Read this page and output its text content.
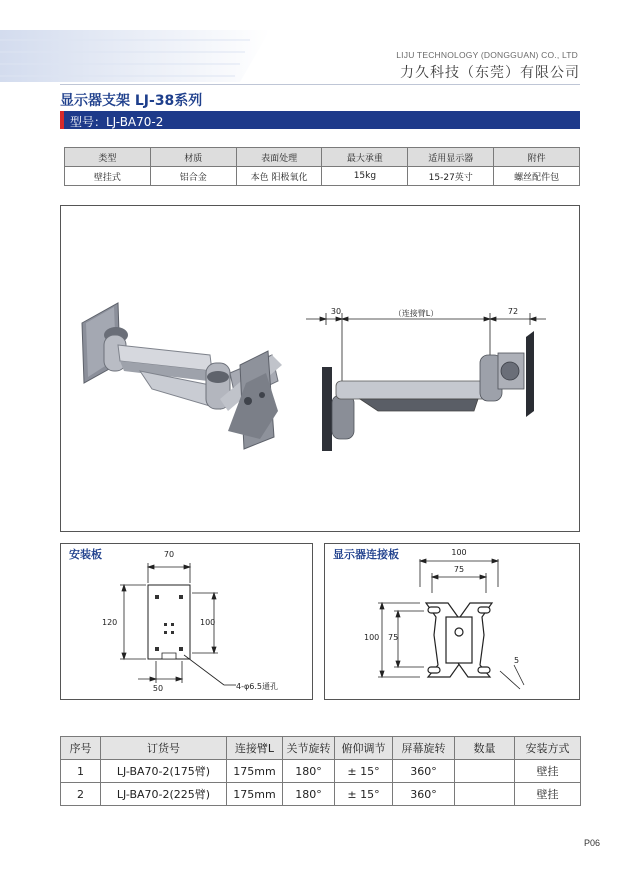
LIJU TECHNOLOGY (DONGGUAN) CO., LTD
力久科技（东莞）有限公司
显示器支架 LJ-38系列
型号：LJ-BA70-2
类型	材质	表面处理	最大承重	适用显示器	附件
壁挂式	铝合金	本色 阳极氧化	15kg	15-27英寸	螺丝配件包
30	（连接臂L）	72
安装板	70
120	100
50	4-φ6.5通孔
显示器连接板	100
75
100 75
5
序号	订货号	连接臂L	关节旋转	俯仰调节	屏幕旋转	数量	安装方式
1	LJ-BA70-2(175臂)	175mm	180°	± 15°	360°		壁挂
2	LJ-BA70-2(225臂)	175mm	180°	± 15°	360°		壁挂
P06
